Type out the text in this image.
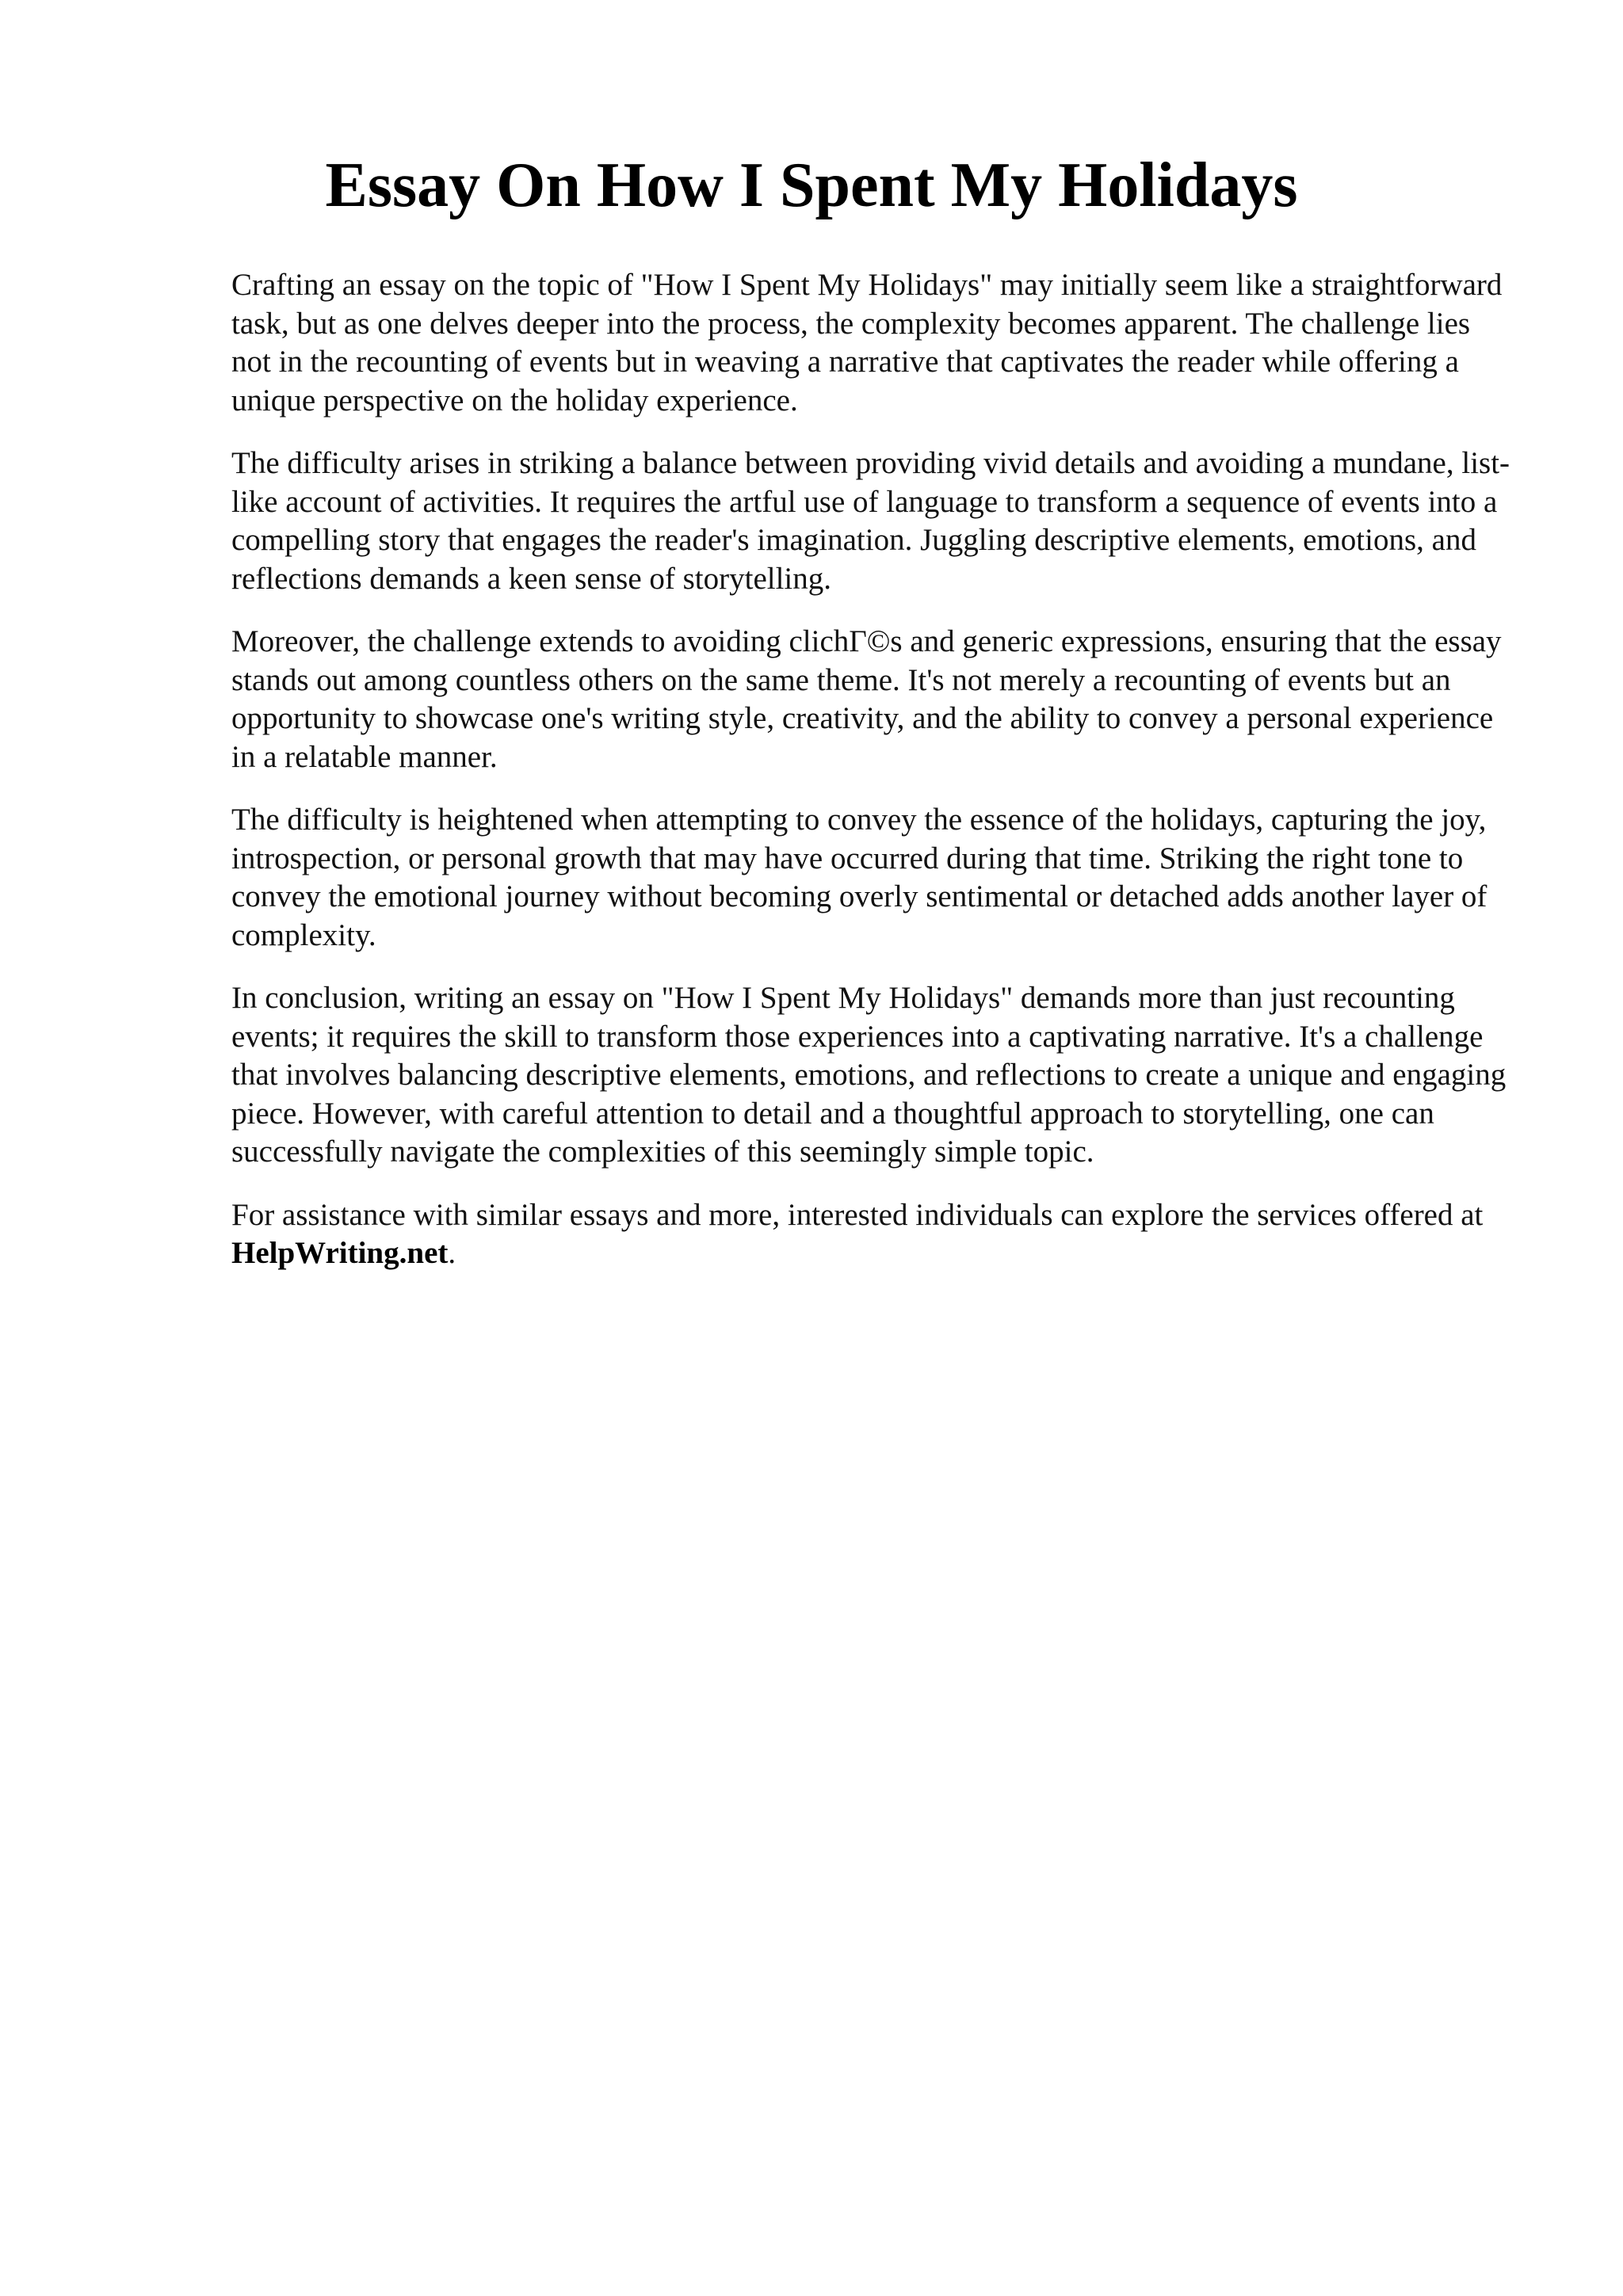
Essay On How I Spent My Holidays

Crafting an essay on the topic of "How I Spent My Holidays" may initially seem like a straightforward task, but as one delves deeper into the process, the complexity becomes apparent. The challenge lies not in the recounting of events but in weaving a narrative that captivates the reader while offering a unique perspective on the holiday experience.

The difficulty arises in striking a balance between providing vivid details and avoiding a mundane, list-like account of activities. It requires the artful use of language to transform a sequence of events into a compelling story that engages the reader's imagination. Juggling descriptive elements, emotions, and reflections demands a keen sense of storytelling.

Moreover, the challenge extends to avoiding clichΓ©s and generic expressions, ensuring that the essay stands out among countless others on the same theme. It's not merely a recounting of events but an opportunity to showcase one's writing style, creativity, and the ability to convey a personal experience in a relatable manner.

The difficulty is heightened when attempting to convey the essence of the holidays, capturing the joy, introspection, or personal growth that may have occurred during that time. Striking the right tone to convey the emotional journey without becoming overly sentimental or detached adds another layer of complexity.

In conclusion, writing an essay on "How I Spent My Holidays" demands more than just recounting events; it requires the skill to transform those experiences into a captivating narrative. It's a challenge that involves balancing descriptive elements, emotions, and reflections to create a unique and engaging piece. However, with careful attention to detail and a thoughtful approach to storytelling, one can successfully navigate the complexities of this seemingly simple topic.

For assistance with similar essays and more, interested individuals can explore the services offered at HelpWriting.net.
